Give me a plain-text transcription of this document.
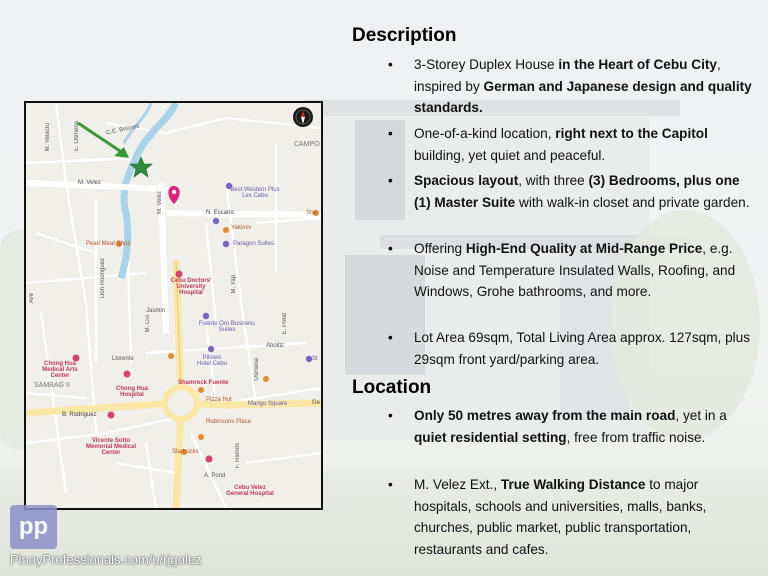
M. Velacru	E. Osmena	C.E. Briones
CAMPO
M. Velez
M. Velez
Best Western Plus Lex Cebu
N. Escario
Yakimix
Star
Pearl Meat Shop	Paragon Suites
Cebu Doctors' University Hospital
Don Rodriguez
M. Cui
Jasmin
M. Yap
Fuente Oro Business Suites	E. Pond
Ave
Chong Hua Medical Arts Center
Llorente
Aboitiz
Pillows Hotel Cebu
SAMBAG II	Shamrock Fuente
Chong Hua Hospital
Pizza Hut
Mango Square
B. Rodriguez
Robinsons Place
Vicente Sotto Memorial Medical Center	Starbucks	F. Ramos
A. Pond
Cebu Velez General Hospital
Osmena	St
Ge
Description
• 3-Storey Duplex House in the Heart of Cebu City, inspired by German and Japanese design and quality standards.
• One-of-a-kind location, right next to the Capitol building, yet quiet and peaceful.
• Spacious layout, with three (3) Bedrooms, plus one (1) Master Suite with walk-in closet and private garden.
• Offering High-End Quality at Mid-Range Price, e.g. Noise and Temperature Insulated Walls, Roofing, and Windows, Grohe bathrooms, and more.
• Lot Area 69sqm, Total Living Area approx. 127sqm, plus 29sqm front yard/parking area.
Location
• Only 50 metres away from the main road, yet in a quiet residential setting, free from traffic noise.
• M. Velez Ext., True Walking Distance to major hospitals, schools and universities, malls, banks, churches, public market, public transportation, restaurants and cafes.
pp
PinoyProfessionals.com/u/rjgolez
